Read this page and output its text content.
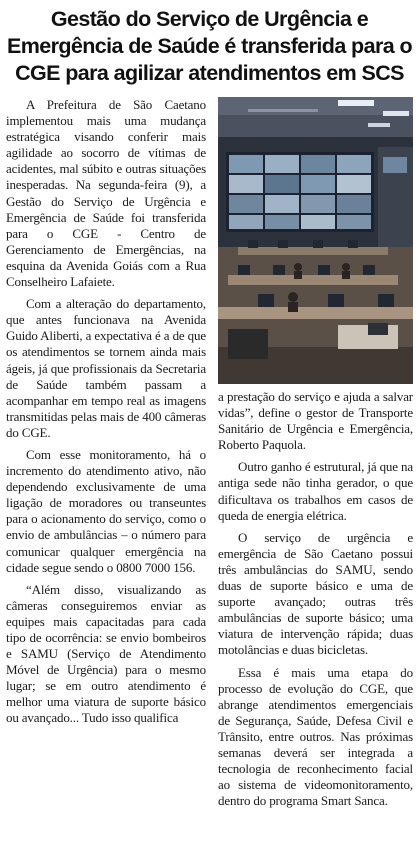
Gestão do Serviço de Urgência e Emergência de Saúde é transferida para o CGE para agilizar atendimentos em SCS

A Prefeitura de São Caetano implementou mais uma mudança estratégica visando conferir mais agilidade ao socorro de vítimas de acidentes, mal súbito e outras situações inesperadas. Na segunda-feira (9), a Gestão do Serviço de Urgência e Emergência de Saúde foi transferida para o CGE - Centro de Gerenciamento de Emergências, na esquina da Avenida Goiás com a Rua Conselheiro Lafaiete.

Com a alteração do departamento, que antes funcionava na Avenida Guido Aliberti, a expectativa é a de que os atendimentos se tornem ainda mais ágeis, já que profissionais da Secretaria de Saúde também passam a acompanhar em tempo real as imagens transmitidas pelas mais de 400 câmeras do CGE.

Com esse monitoramento, há o incremento do atendimento ativo, não dependendo exclusivamente de uma ligação de moradores ou transeuntes para o acionamento do serviço, como o envio de ambulâncias – o número para comunicar qualquer emergência na cidade segue sendo o 0800 7000 156.

“Além disso, visualizando as câmeras conseguiremos enviar as equipes mais capacitadas para cada tipo de ocorrência: se envio bombeiros e SAMU (Serviço de Atendimento Móvel de Urgência) para o mesmo lugar; se em outro atendimento é melhor uma viatura de suporte básico ou avançado... Tudo isso qualifica

a prestação do serviço e ajuda a salvar vidas”, define o gestor de Transporte Sanitário de Urgência e Emergência, Roberto Paquola.

Outro ganho é estrutural, já que na antiga sede não tinha gerador, o que dificultava os trabalhos em casos de queda de energia elétrica.

O serviço de urgência e emergência de São Caetano possui três ambulâncias do SAMU, sendo duas de suporte básico e uma de suporte avançado; outras três ambulâncias de suporte básico; uma viatura de intervenção rápida; duas motolâncias e duas bicicletas.

Essa é mais uma etapa do processo de evolução do CGE, que abrange atendimentos emergenciais de Segurança, Saúde, Defesa Civil e Trânsito, entre outros. Nas próximas semanas deverá ser integrada a tecnologia de reconhecimento facial ao sistema de videomonitoramento, dentro do programa Smart Sanca.
